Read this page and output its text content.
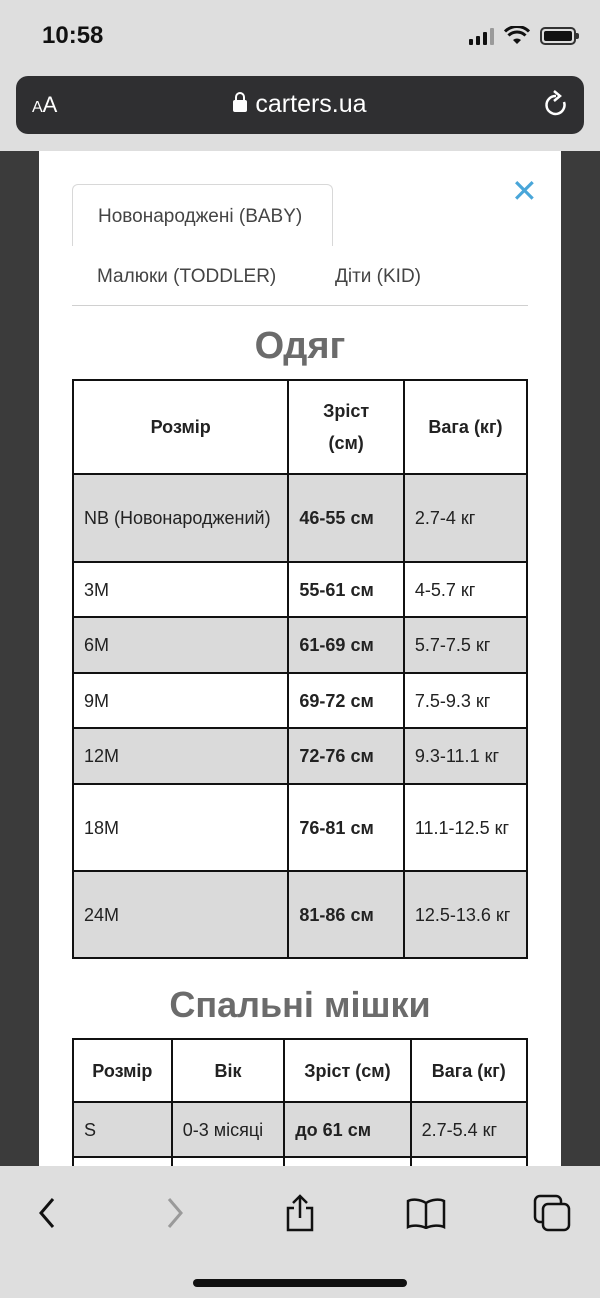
10:58
AA	carters.ua
✕
Новонароджені (BABY)
Малюки (TODDLER)	Діти (KID)
Одяг
Розмір	Зріст (см)	Вага (кг)
NB (Новонароджений)	46-55 см	2.7-4 кг
3M	55-61 см	4-5.7 кг
6M	61-69 см	5.7-7.5 кг
9M	69-72 см	7.5-9.3 кг
12M	72-76 см	9.3-11.1 кг
18M	76-81 см	11.1-12.5 кг
24M	81-86 см	12.5-13.6 кг
Спальні мішки
Розмір	Вік	Зріст (см)	Вага (кг)
S	0-3 місяці	до 61 см	2.7-5.4 кг
